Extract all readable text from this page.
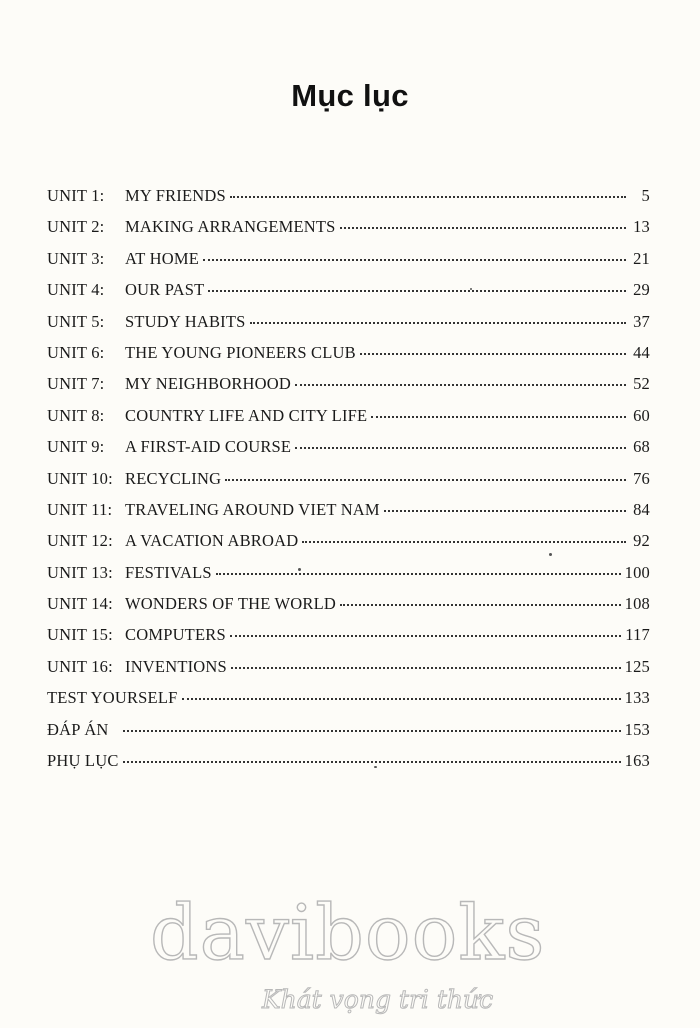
Mục lục
UNIT 1:	MY FRIENDS	5
UNIT 2:	MAKING ARRANGEMENTS	13
UNIT 3:	AT HOME	21
UNIT 4:	OUR PAST	29
UNIT 5:	STUDY HABITS	37
UNIT 6:	THE YOUNG PIONEERS CLUB	44
UNIT 7:	MY NEIGHBORHOOD	52
UNIT 8:	COUNTRY LIFE AND CITY LIFE	60
UNIT 9:	A FIRST-AID COURSE	68
UNIT 10: RECYCLING	76
UNIT 11: TRAVELING AROUND VIET NAM	84
UNIT 12: A VACATION ABROAD	92
UNIT 13: FESTIVALS	100
UNIT 14: WONDERS OF THE WORLD	108
UNIT 15: COMPUTERS	117
UNIT 16: INVENTIONS	125
TEST YOURSELF	133
ĐÁP ÁN	153
PHỤ LỤC	163
davibooks
Khát vọng tri thức
